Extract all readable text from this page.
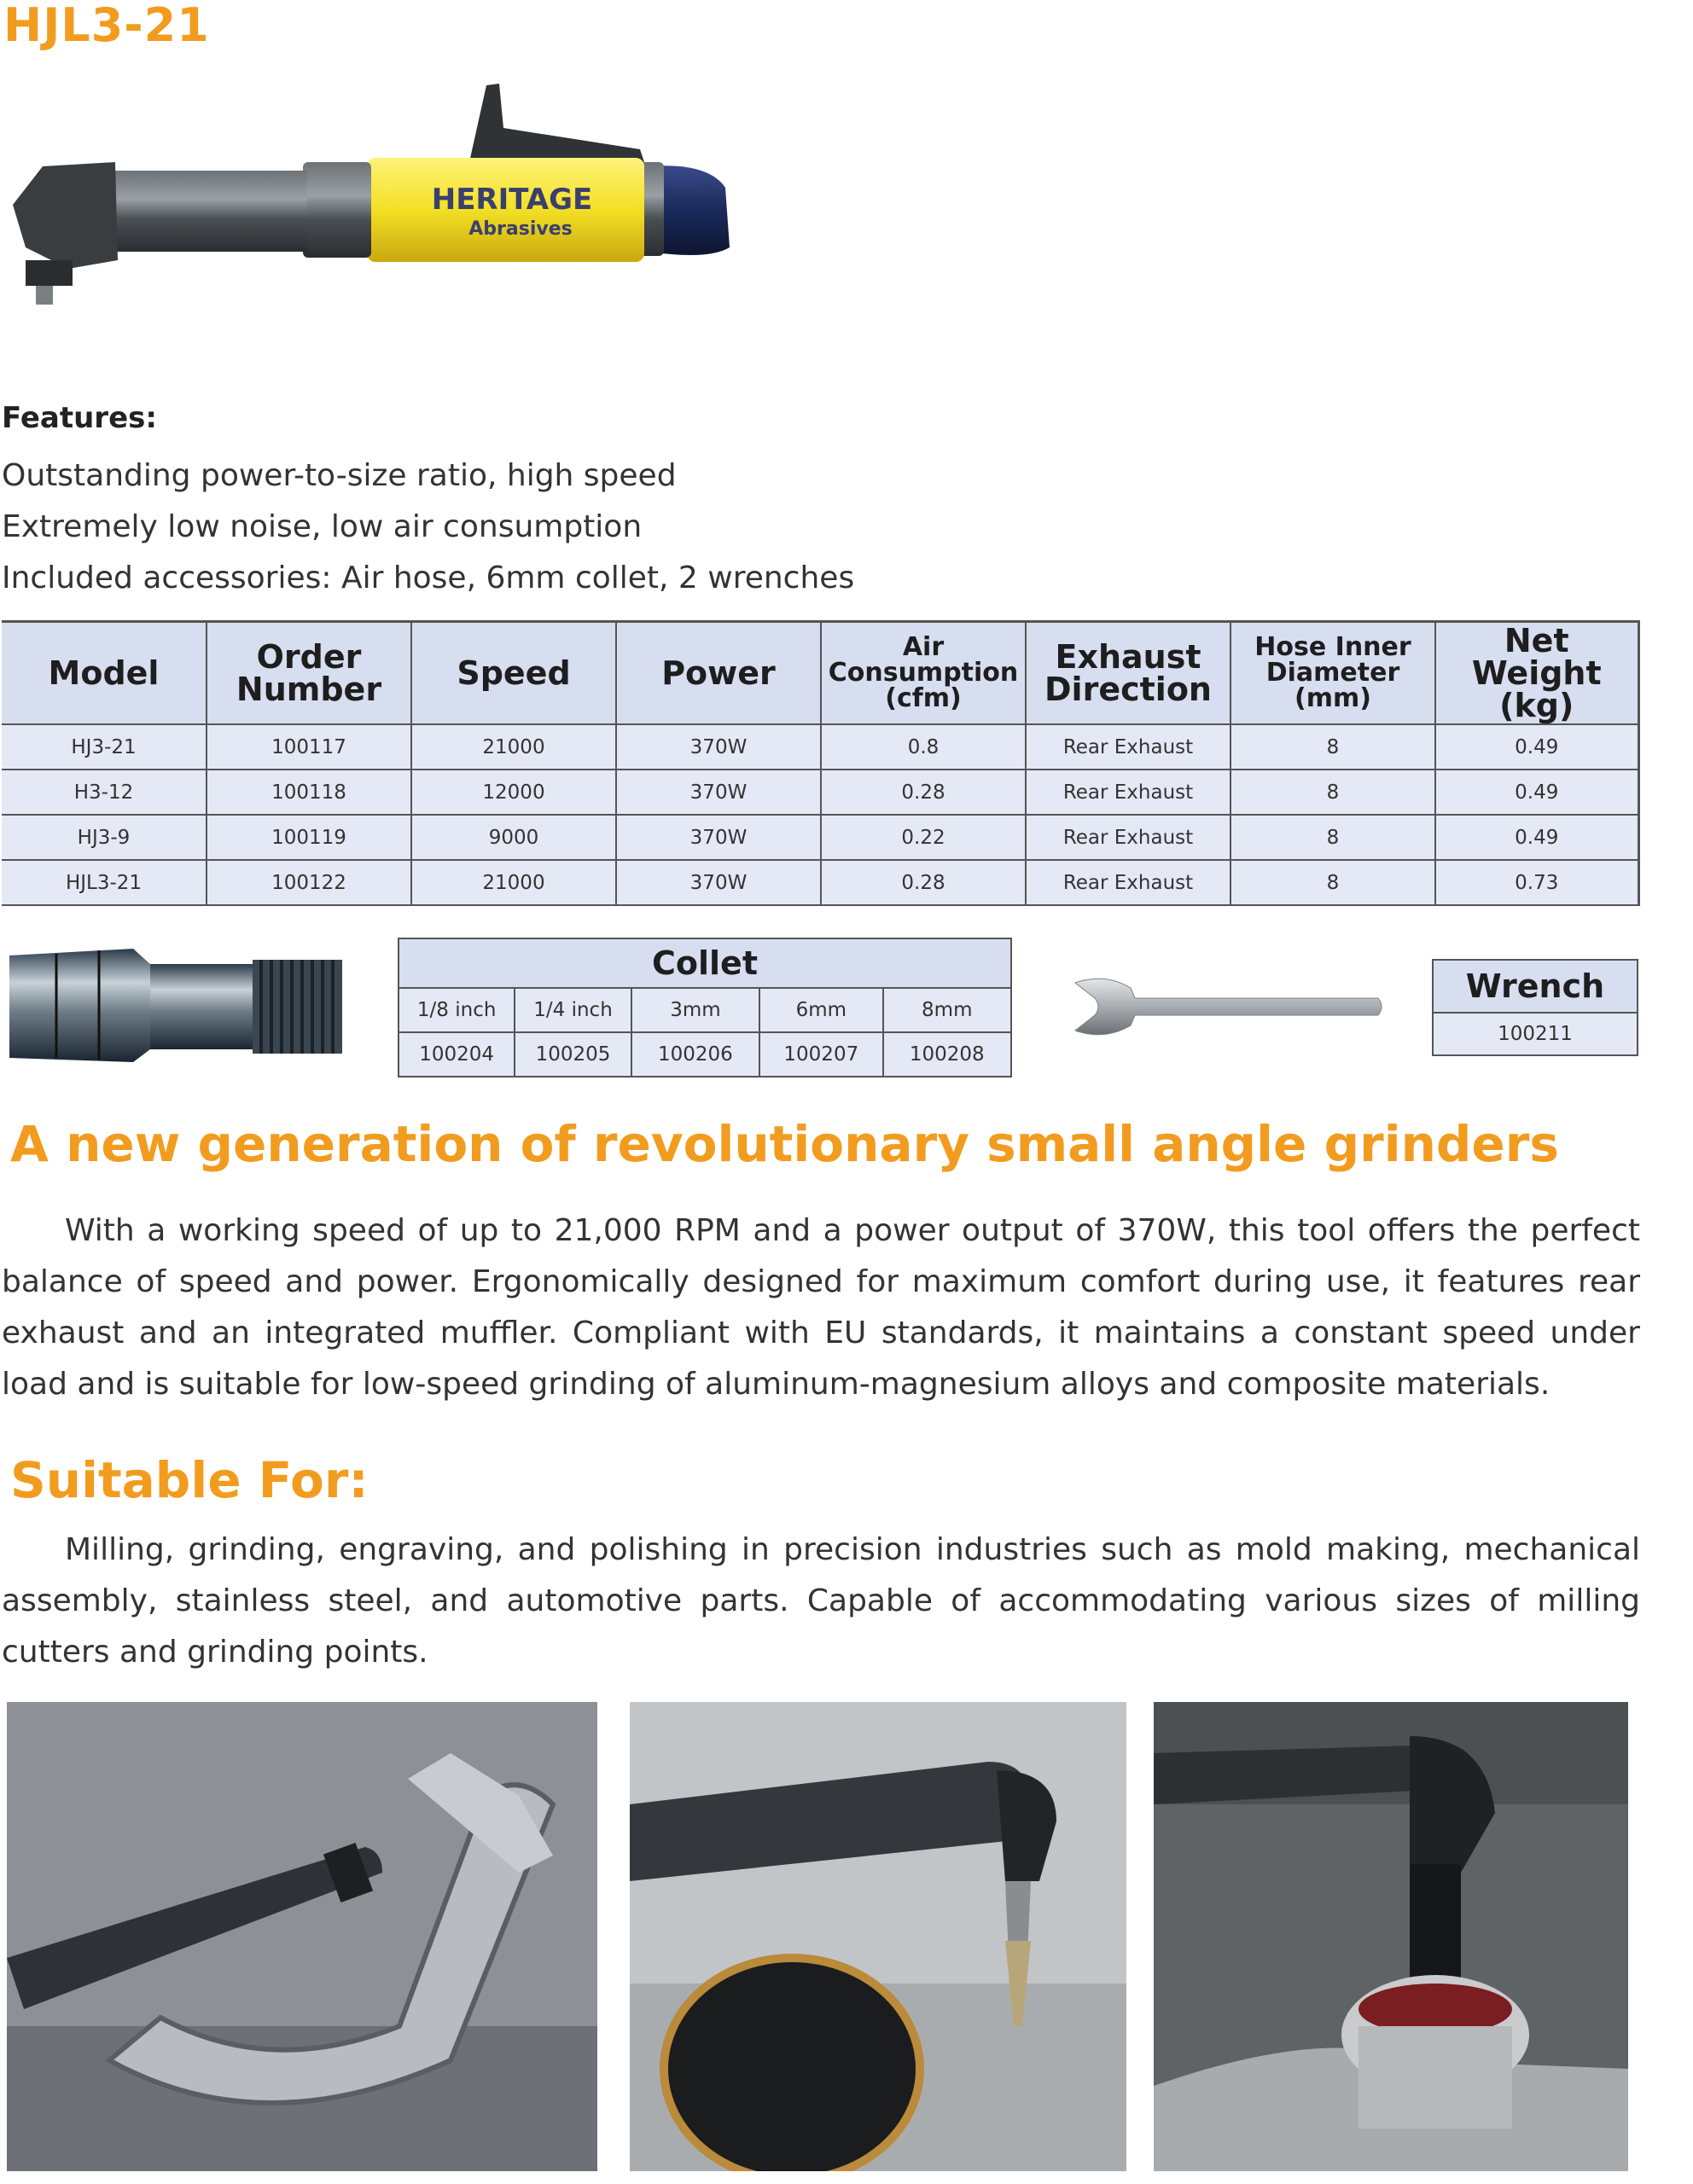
HJL3-21
HERITAGE
Abrasives
Features:
Outstanding power-to-size ratio, high speed
Extremely low noise, low air consumption
Included accessories: Air hose, 6mm collet, 2 wrenches
Model	Order Number	Speed	Power	Air Consumption (cfm)	Exhaust Direction	Hose Inner Diameter (mm)	Net Weight (kg)
HJ3-21	100117	21000	370W	0.8	Rear Exhaust	8	0.49
H3-12	100118	12000	370W	0.28	Rear Exhaust	8	0.49
HJ3-9	100119	9000	370W	0.22	Rear Exhaust	8	0.49
HJL3-21	100122	21000	370W	0.28	Rear Exhaust	8	0.73
Collet				
1/8 inch	1/4 inch	3mm	6mm	8mm
100204	100205	100206	100207	100208
Wrench
100211
A new generation of revolutionary small angle grinders
With a working speed of up to 21,000 RPM and a power output of 370W, this tool offers the perfect balance of speed and power. Ergonomically designed for maximum comfort during use, it features rear exhaust and an integrated muffler. Compliant with EU standards, it maintains a constant speed under load and is suitable for low-speed grinding of aluminum-magnesium alloys and composite materials.
Suitable For:
Milling, grinding, engraving, and polishing in precision industries such as mold making, mechanical assembly, stainless steel, and automotive parts. Capable of accommodating various sizes of milling cutters and grinding points.
